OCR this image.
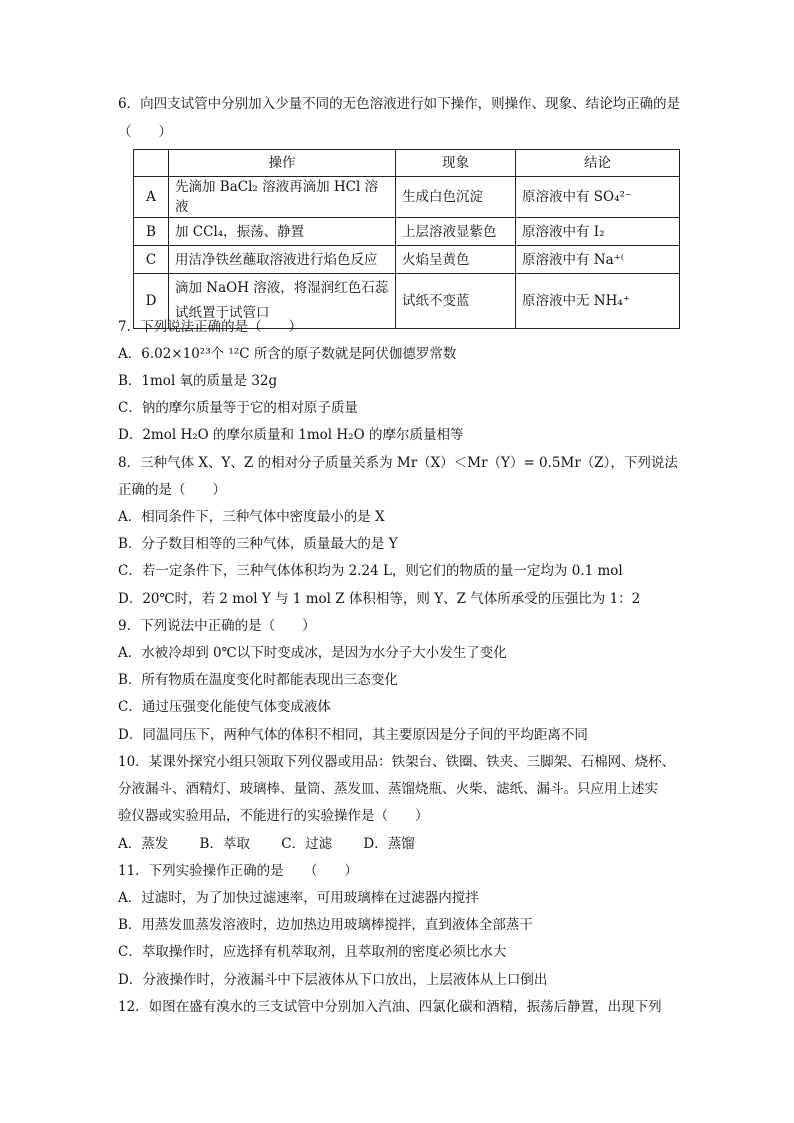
6．向四支试管中分别加入少量不同的无色溶液进行如下操作，则操作、现象、结论均正确的是
（　　）
	操作	现象	结论
A	先滴加 BaCl₂ 溶液再滴加 HCl 溶液	生成白色沉淀	原溶液中有 SO₄²⁻
B	加 CCl₄，振荡、静置	上层溶液显紫色	原溶液中有 I₂
C	用洁净铁丝蘸取溶液进行焰色反应	火焰呈黄色	原溶液中有 Na⁺⁽
D	滴加 NaOH 溶液，将湿润红色石蕊
试纸置于试管口	试纸不变蓝	原溶液中无 NH₄⁺
7．下列说法正确的是（　　）
A．6.02×10²³个 ¹²C 所含的原子数就是阿伏伽德罗常数
B．1mol 氧的质量是 32g
C．钠的摩尔质量等于它的相对原子质量
D．2mol H₂O 的摩尔质量和 1mol H₂O 的摩尔质量相等
8．三种气体 X、Y、Z 的相对分子质量关系为 Mr（X）＜Mr（Y）= 0.5Mr（Z），下列说法
正确的是（　　）
A．相同条件下，三种气体中密度最小的是 X
B．分子数目相等的三种气体，质量最大的是 Y
C．若一定条件下，三种气体体积均为 2.24 L，则它们的物质的量一定均为 0.1 mol
D．20℃时，若 2 mol Y 与 1 mol Z 体积相等，则 Y、Z 气体所承受的压强比为 1：2
9．下列说法中正确的是（　　）
A．水被冷却到 0℃以下时变成冰，是因为水分子大小发生了变化
B．所有物质在温度变化时都能表现出三态变化
C．通过压强变化能使气体变成液体
D．同温同压下，两种气体的体积不相同，其主要原因是分子间的平均距离不同
10．某课外探究小组只领取下列仪器或用品：铁架台、铁圈、铁夹、三脚架、石棉网、烧杯、
分液漏斗、酒精灯、玻璃棒、量筒、蒸发皿、蒸馏烧瓶、火柴、滤纸、漏斗。只应用上述实
验仪器或实验用品，不能进行的实验操作是（　　）
A．蒸发　　 B．萃取　　 C．过滤　　 D．蒸馏
11．下列实验操作正确的是　　（　　）
A．过滤时，为了加快过滤速率，可用玻璃棒在过滤器内搅拌
B．用蒸发皿蒸发溶液时，边加热边用玻璃棒搅拌，直到液体全部蒸干
C．萃取操作时，应选择有机萃取剂，且萃取剂的密度必须比水大
D．分液操作时，分液漏斗中下层液体从下口放出，上层液体从上口倒出
12．如图在盛有溴水的三支试管中分别加入汽油、四氯化碳和酒精，振荡后静置，出现下列
